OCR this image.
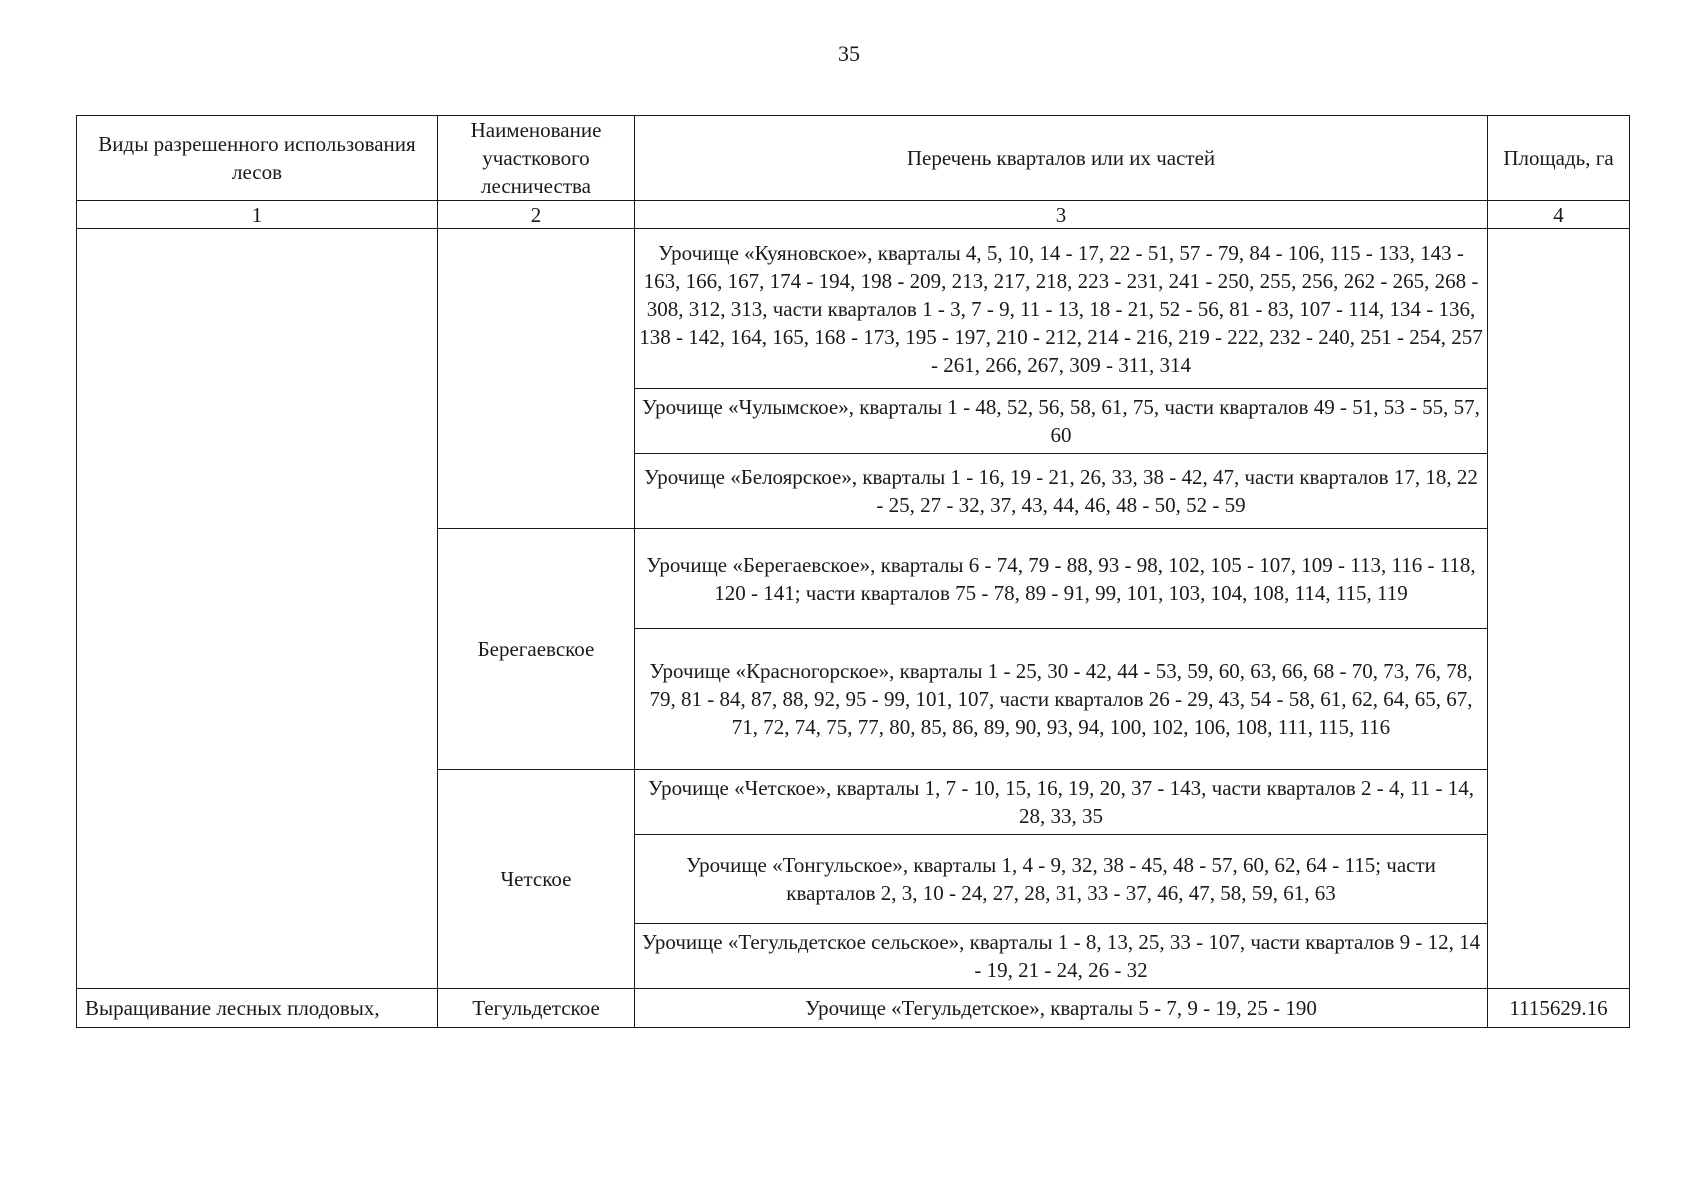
35
Виды разрешенного использования лесов	Наименование участкового лесничества	Перечень кварталов или их частей	Площадь, га
1	2	3	4
		Урочище «Куяновское», кварталы 4, 5, 10, 14 - 17, 22 - 51, 57 - 79, 84 - 106, 115 - 133, 143 - 163, 166, 167, 174 - 194, 198 - 209, 213, 217, 218, 223 - 231, 241 - 250, 255, 256, 262 - 265, 268 - 308, 312, 313, части кварталов 1 - 3, 7 - 9, 11 - 13, 18 - 21, 52 - 56, 81 - 83, 107 - 114, 134 - 136, 138 - 142, 164, 165, 168 - 173, 195 - 197, 210 - 212, 214 - 216, 219 - 222, 232 - 240, 251 - 254, 257 - 261, 266, 267, 309 - 311, 314	
		Урочище «Чулымское», кварталы 1 - 48, 52, 56, 58, 61, 75, части кварталов 49 - 51, 53 - 55, 57, 60	
		Урочище «Белоярское», кварталы 1 - 16, 19 - 21, 26, 33, 38 - 42, 47, части кварталов 17, 18, 22 - 25, 27 - 32, 37, 43, 44, 46, 48 - 50, 52 - 59	
	Берегаевское	Урочище «Берегаевское», кварталы 6 - 74, 79 - 88, 93 - 98, 102, 105 - 107, 109 - 113, 116 - 118, 120 - 141; части кварталов 75 - 78, 89 - 91, 99, 101, 103, 104, 108, 114, 115, 119	
		Урочище «Красногорское», кварталы 1 - 25, 30 - 42, 44 - 53, 59, 60, 63, 66, 68 - 70, 73, 76, 78, 79, 81 - 84, 87, 88, 92, 95 - 99, 101, 107, части кварталов 26 - 29, 43, 54 - 58, 61, 62, 64, 65, 67, 71, 72, 74, 75, 77, 80, 85, 86, 89, 90, 93, 94, 100, 102, 106, 108, 111, 115, 116	
	Четское	Урочище «Четское», кварталы 1, 7 - 10, 15, 16, 19, 20, 37 - 143, части кварталов 2 - 4, 11 - 14, 28, 33, 35	
		Урочище «Тонгульское», кварталы 1, 4 - 9, 32, 38 - 45, 48 - 57, 60, 62, 64 - 115; части кварталов 2, 3, 10 - 24, 27, 28, 31, 33 - 37, 46, 47, 58, 59, 61, 63	
		Урочище «Тегульдетское сельское», кварталы 1 - 8, 13, 25, 33 - 107, части кварталов 9 - 12, 14 - 19, 21 - 24, 26 - 32	
Выращивание лесных плодовых,	Тегульдетское	Урочище «Тегульдетское», кварталы 5 - 7, 9 - 19, 25 - 190	1115629.16
